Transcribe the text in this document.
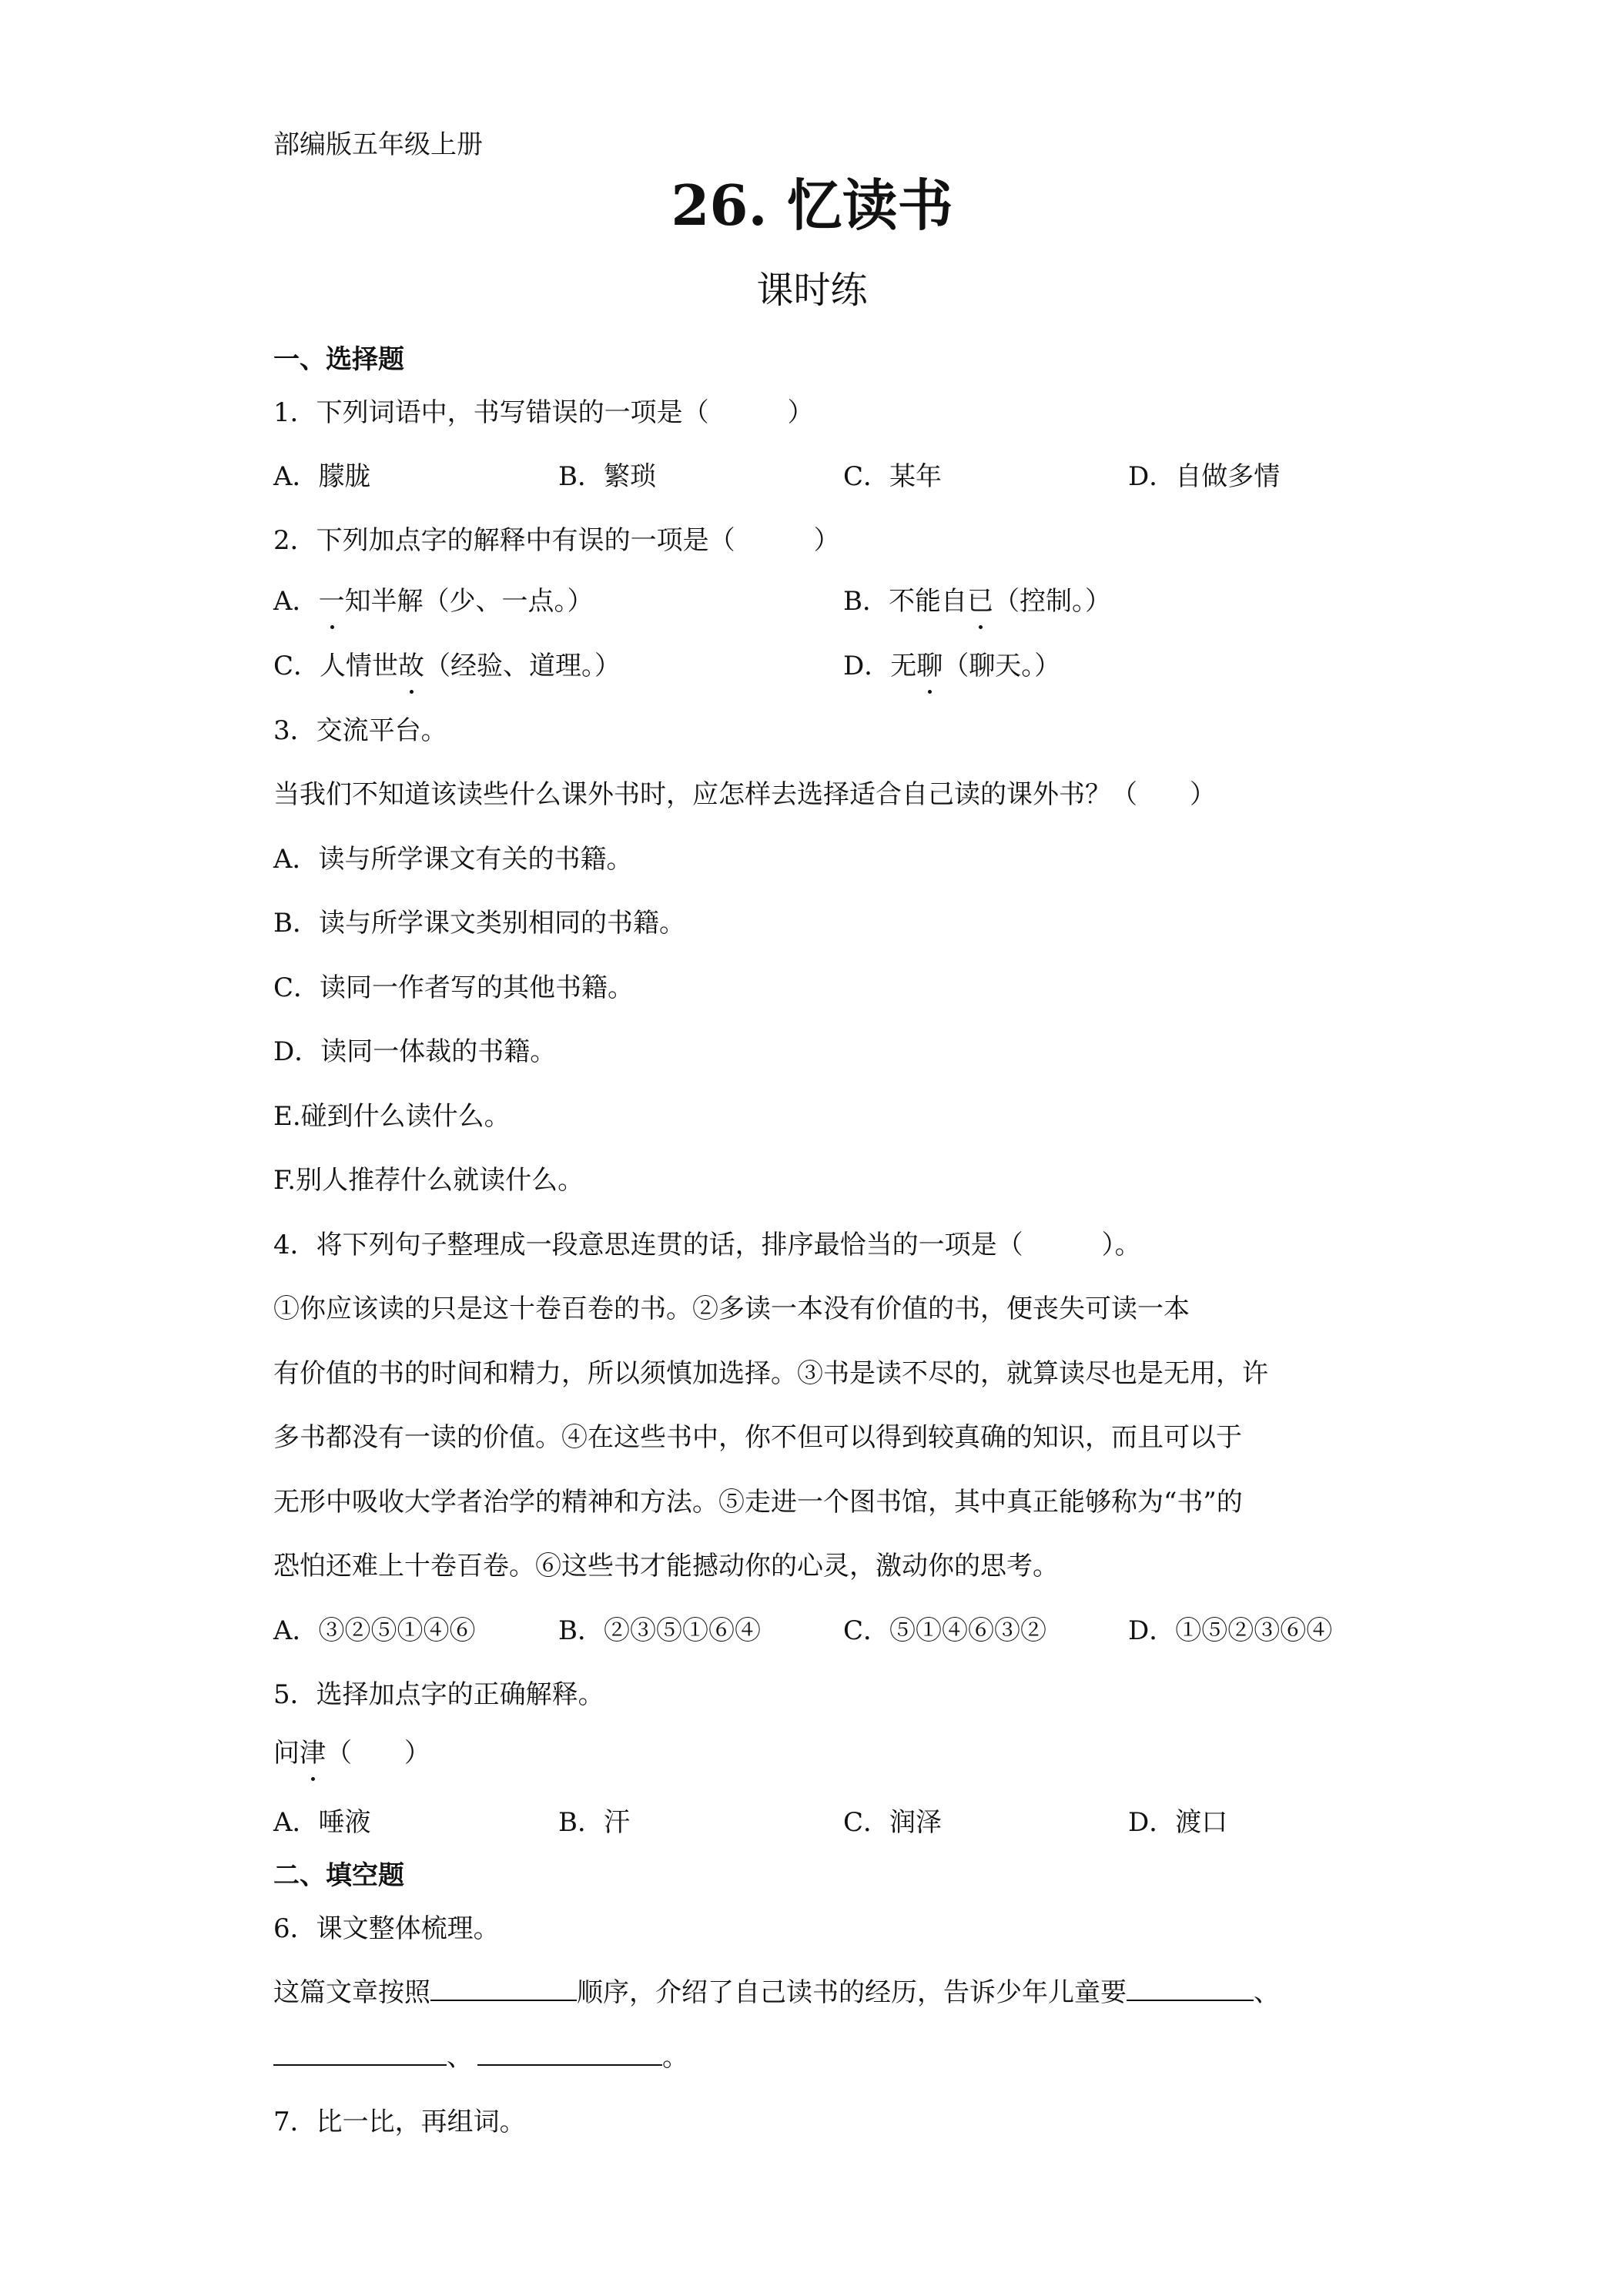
部编版五年级上册
26. 忆读书
课时练
一、选择题
1．下列词语中，书写错误的一项是（　　　）
A．朦胧	B．繁琐	C．某年	D．自做多情
2．下列加点字的解释中有误的一项是（　　　）
A．一知半解（少、一点。）	B．不能自已（控制。）
C．人情世故（经验、道理。）	D．无聊（聊天。）
3．交流平台。
当我们不知道该读些什么课外书时，应怎样去选择适合自己读的课外书？（　　）
A．读与所学课文有关的书籍。
B．读与所学课文类别相同的书籍。
C．读同一作者写的其他书籍。
D．读同一体裁的书籍。
E.碰到什么读什么。
F.别人推荐什么就读什么。
4．将下列句子整理成一段意思连贯的话，排序最恰当的一项是（　　　）。
①你应该读的只是这十卷百卷的书。②多读一本没有价值的书，便丧失可读一本
有价值的书的时间和精力，所以须慎加选择。③书是读不尽的，就算读尽也是无用，许
多书都没有一读的价值。④在这些书中，你不但可以得到较真确的知识，而且可以于
无形中吸收大学者治学的精神和方法。⑤走进一个图书馆，其中真正能够称为“书”的
恐怕还难上十卷百卷。⑥这些书才能撼动你的心灵，激动你的思考。
A．③②⑤①④⑥	B．②③⑤①⑥④	C．⑤①④⑥③②	D．①⑤②③⑥④
5．选择加点字的正确解释。
问津（　　）
A．唾液	B．汗	C．润泽	D．渡口
二、填空题
6．课文整体梳理。
这篇文章按照	顺序，介绍了自己读书的经历，告诉少年儿童要	、
、	。
7．比一比，再组词。
